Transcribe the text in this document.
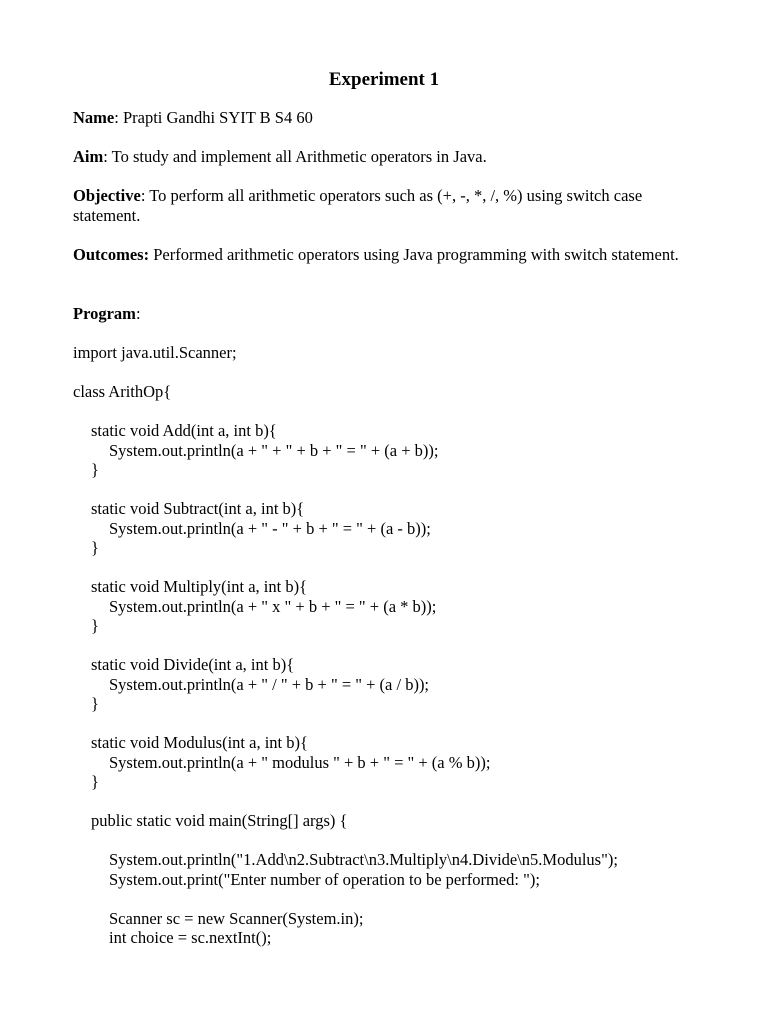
Experiment 1
Name: Prapti Gandhi SYIT B S4 60
Aim: To study and implement all Arithmetic operators in Java.
Objective: To perform all arithmetic operators such as (+, -, *, /, %) using switch case statement.
Outcomes: Performed arithmetic operators using Java programming with switch statement.
Program:
import java.util.Scanner;
class ArithOp{
static void Add(int a, int b){
System.out.println(a + " + " + b + " = " + (a + b));
}
static void Subtract(int a, int b){
System.out.println(a + " - " + b + " = " + (a - b));
}
static void Multiply(int a, int b){
System.out.println(a + " x " + b + " = " + (a * b));
}
static void Divide(int a, int b){
System.out.println(a + " / " + b + " = " + (a / b));
}
static void Modulus(int a, int b){
System.out.println(a + " modulus " + b + " = " + (a % b));
}
public static void main(String[] args) {
System.out.println("1.Add\n2.Subtract\n3.Multiply\n4.Divide\n5.Modulus");
System.out.print("Enter number of operation to be performed: ");
Scanner sc = new Scanner(System.in);
int choice = sc.nextInt();
